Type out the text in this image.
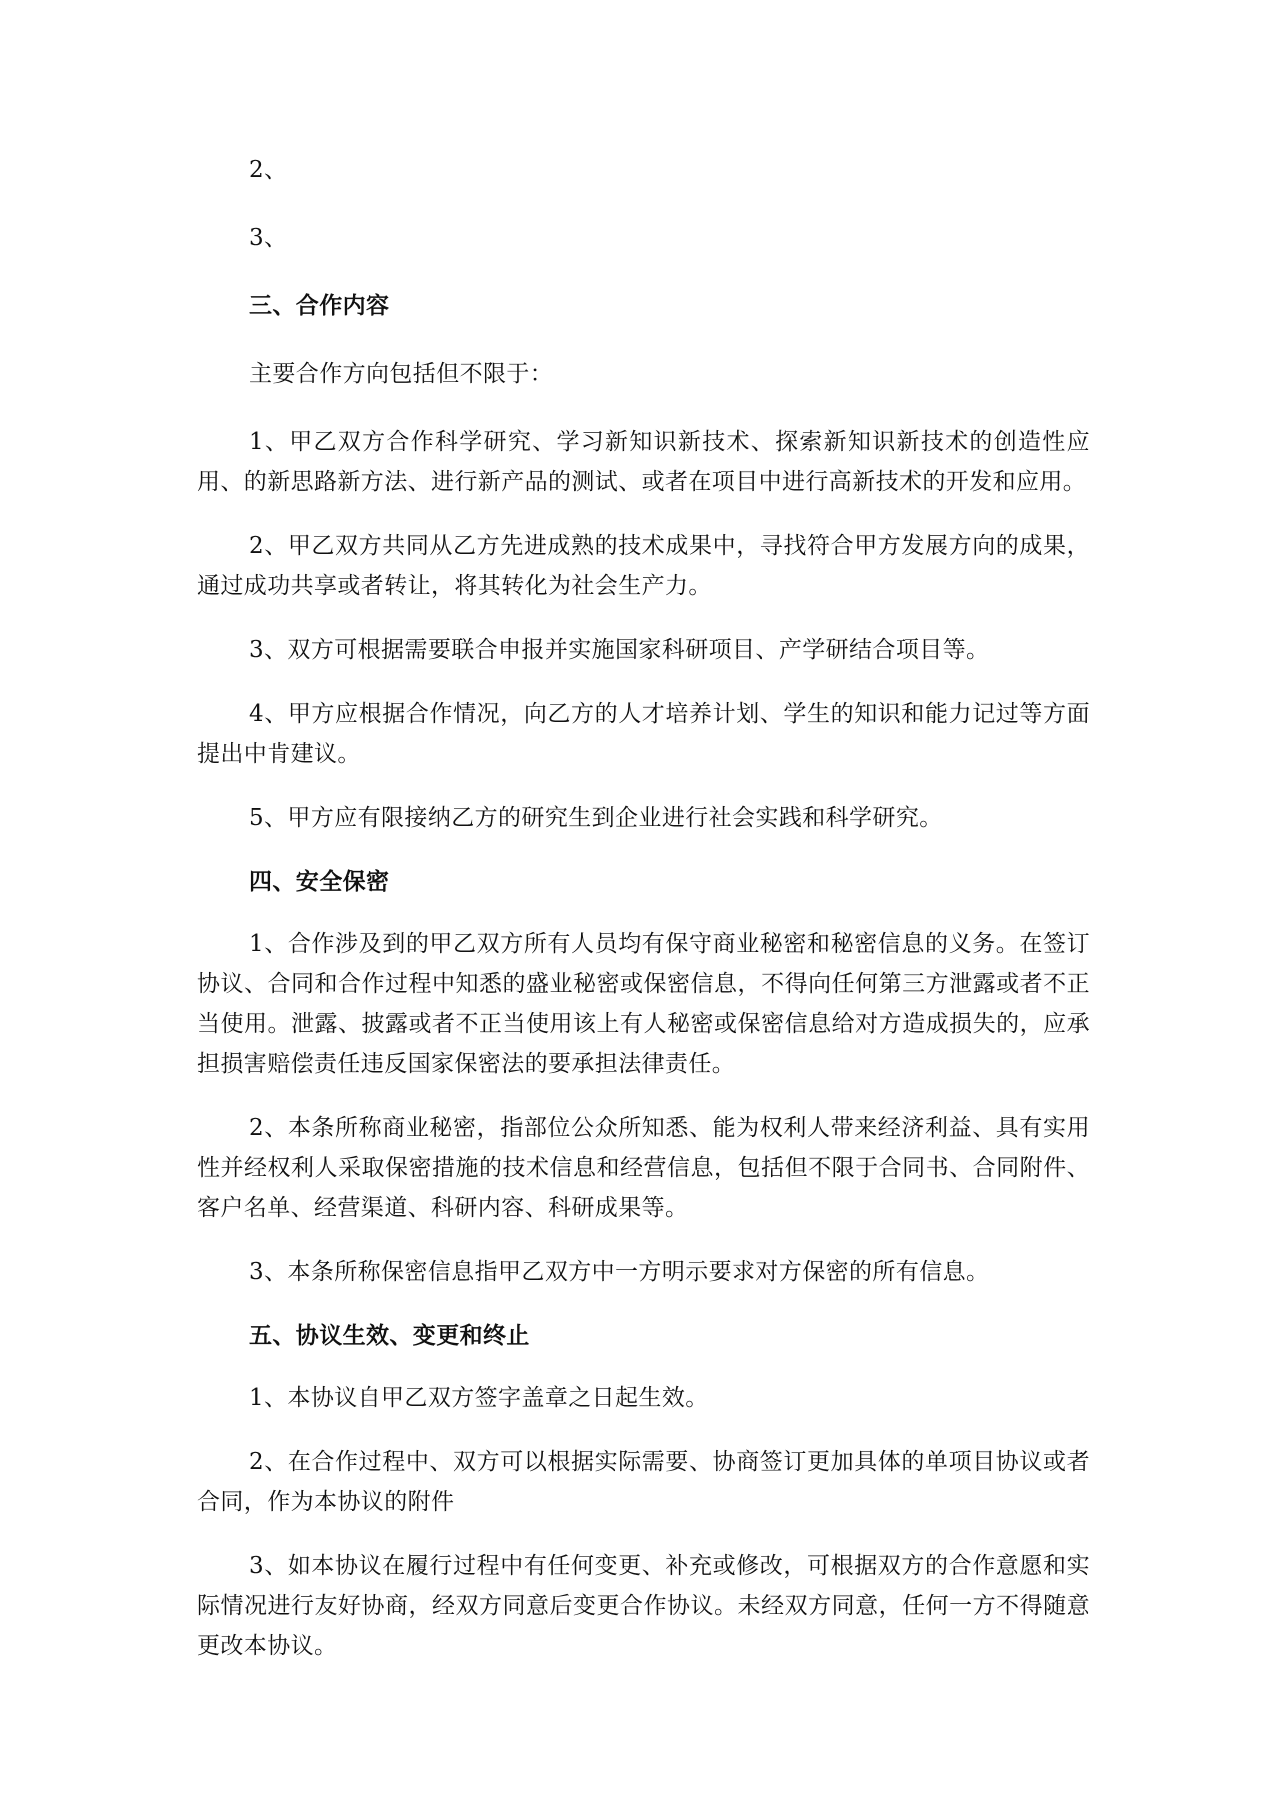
2、

3、

三、合作内容

主要合作方向包括但不限于：

1、甲乙双方合作科学研究、学习新知识新技术、探索新知识新技术的创造性应用、的新思路新方法、进行新产品的测试、或者在项目中进行高新技术的开发和应用。

2、甲乙双方共同从乙方先进成熟的技术成果中，寻找符合甲方发展方向的成果，通过成功共享或者转让，将其转化为社会生产力。

3、双方可根据需要联合申报并实施国家科研项目、产学研结合项目等。

4、甲方应根据合作情况，向乙方的人才培养计划、学生的知识和能力记过等方面提出中肯建议。

5、甲方应有限接纳乙方的研究生到企业进行社会实践和科学研究。

四、安全保密

1、合作涉及到的甲乙双方所有人员均有保守商业秘密和秘密信息的义务。在签订协议、合同和合作过程中知悉的盛业秘密或保密信息，不得向任何第三方泄露或者不正当使用。泄露、披露或者不正当使用该上有人秘密或保密信息给对方造成损失的，应承担损害赔偿责任违反国家保密法的要承担法律责任。

2、本条所称商业秘密，指部位公众所知悉、能为权利人带来经济利益、具有实用性并经权利人采取保密措施的技术信息和经营信息，包括但不限于合同书、合同附件、客户名单、经营渠道、科研内容、科研成果等。

3、本条所称保密信息指甲乙双方中一方明示要求对方保密的所有信息。

五、协议生效、变更和终止

1、本协议自甲乙双方签字盖章之日起生效。

2、在合作过程中、双方可以根据实际需要、协商签订更加具体的单项目协议或者合同，作为本协议的附件

3、如本协议在履行过程中有任何变更、补充或修改，可根据双方的合作意愿和实际情况进行友好协商，经双方同意后变更合作协议。未经双方同意，任何一方不得随意更改本协议。
